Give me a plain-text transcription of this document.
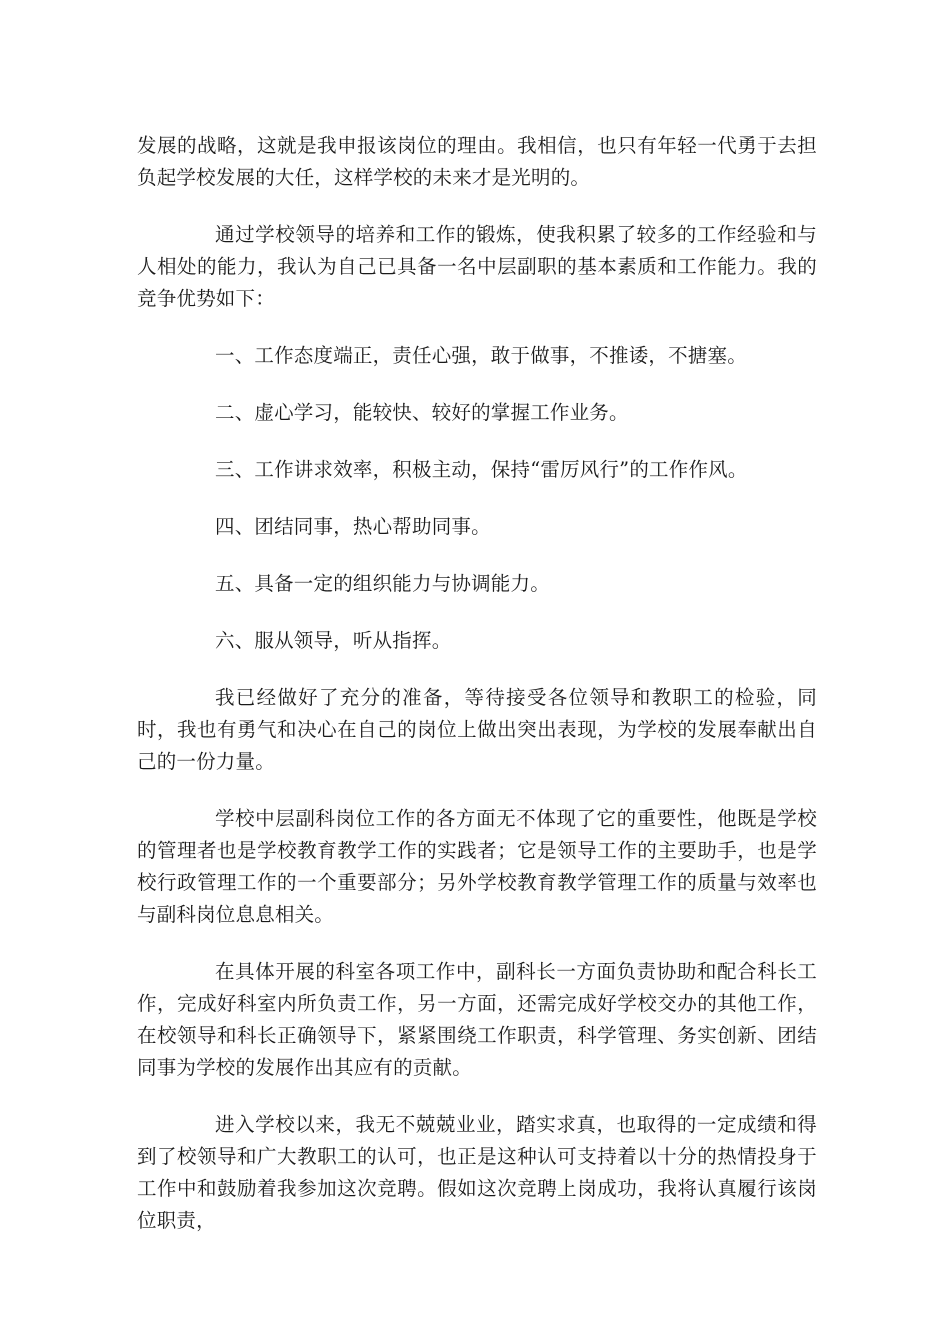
发展的战略，这就是我申报该岗位的理由。我相信，也只有年轻一代勇于去担负起学校发展的大任，这样学校的未来才是光明的。

通过学校领导的培养和工作的锻炼，使我积累了较多的工作经验和与人相处的能力，我认为自己已具备一名中层副职的基本素质和工作能力。我的竞争优势如下：

一、工作态度端正，责任心强，敢于做事，不推诿，不搪塞。

二、虚心学习，能较快、较好的掌握工作业务。

三、工作讲求效率，积极主动，保持“雷厉风行”的工作作风。

四、团结同事，热心帮助同事。

五、具备一定的组织能力与协调能力。

六、服从领导，听从指挥。

我已经做好了充分的准备，等待接受各位领导和教职工的检验，同时，我也有勇气和决心在自己的岗位上做出突出表现，为学校的发展奉献出自己的一份力量。

学校中层副科岗位工作的各方面无不体现了它的重要性，他既是学校的管理者也是学校教育教学工作的实践者；它是领导工作的主要助手，也是学校行政管理工作的一个重要部分；另外学校教育教学管理工作的质量与效率也与副科岗位息息相关。

在具体开展的科室各项工作中，副科长一方面负责协助和配合科长工作，完成好科室内所负责工作，另一方面，还需完成好学校交办的其他工作，在校领导和科长正确领导下，紧紧围绕工作职责，科学管理、务实创新、团结同事为学校的发展作出其应有的贡献。

进入学校以来，我无不兢兢业业，踏实求真，也取得的一定成绩和得到了校领导和广大教职工的认可，也正是这种认可支持着以十分的热情投身于工作中和鼓励着我参加这次竞聘。假如这次竞聘上岗成功，我将认真履行该岗位职责，
